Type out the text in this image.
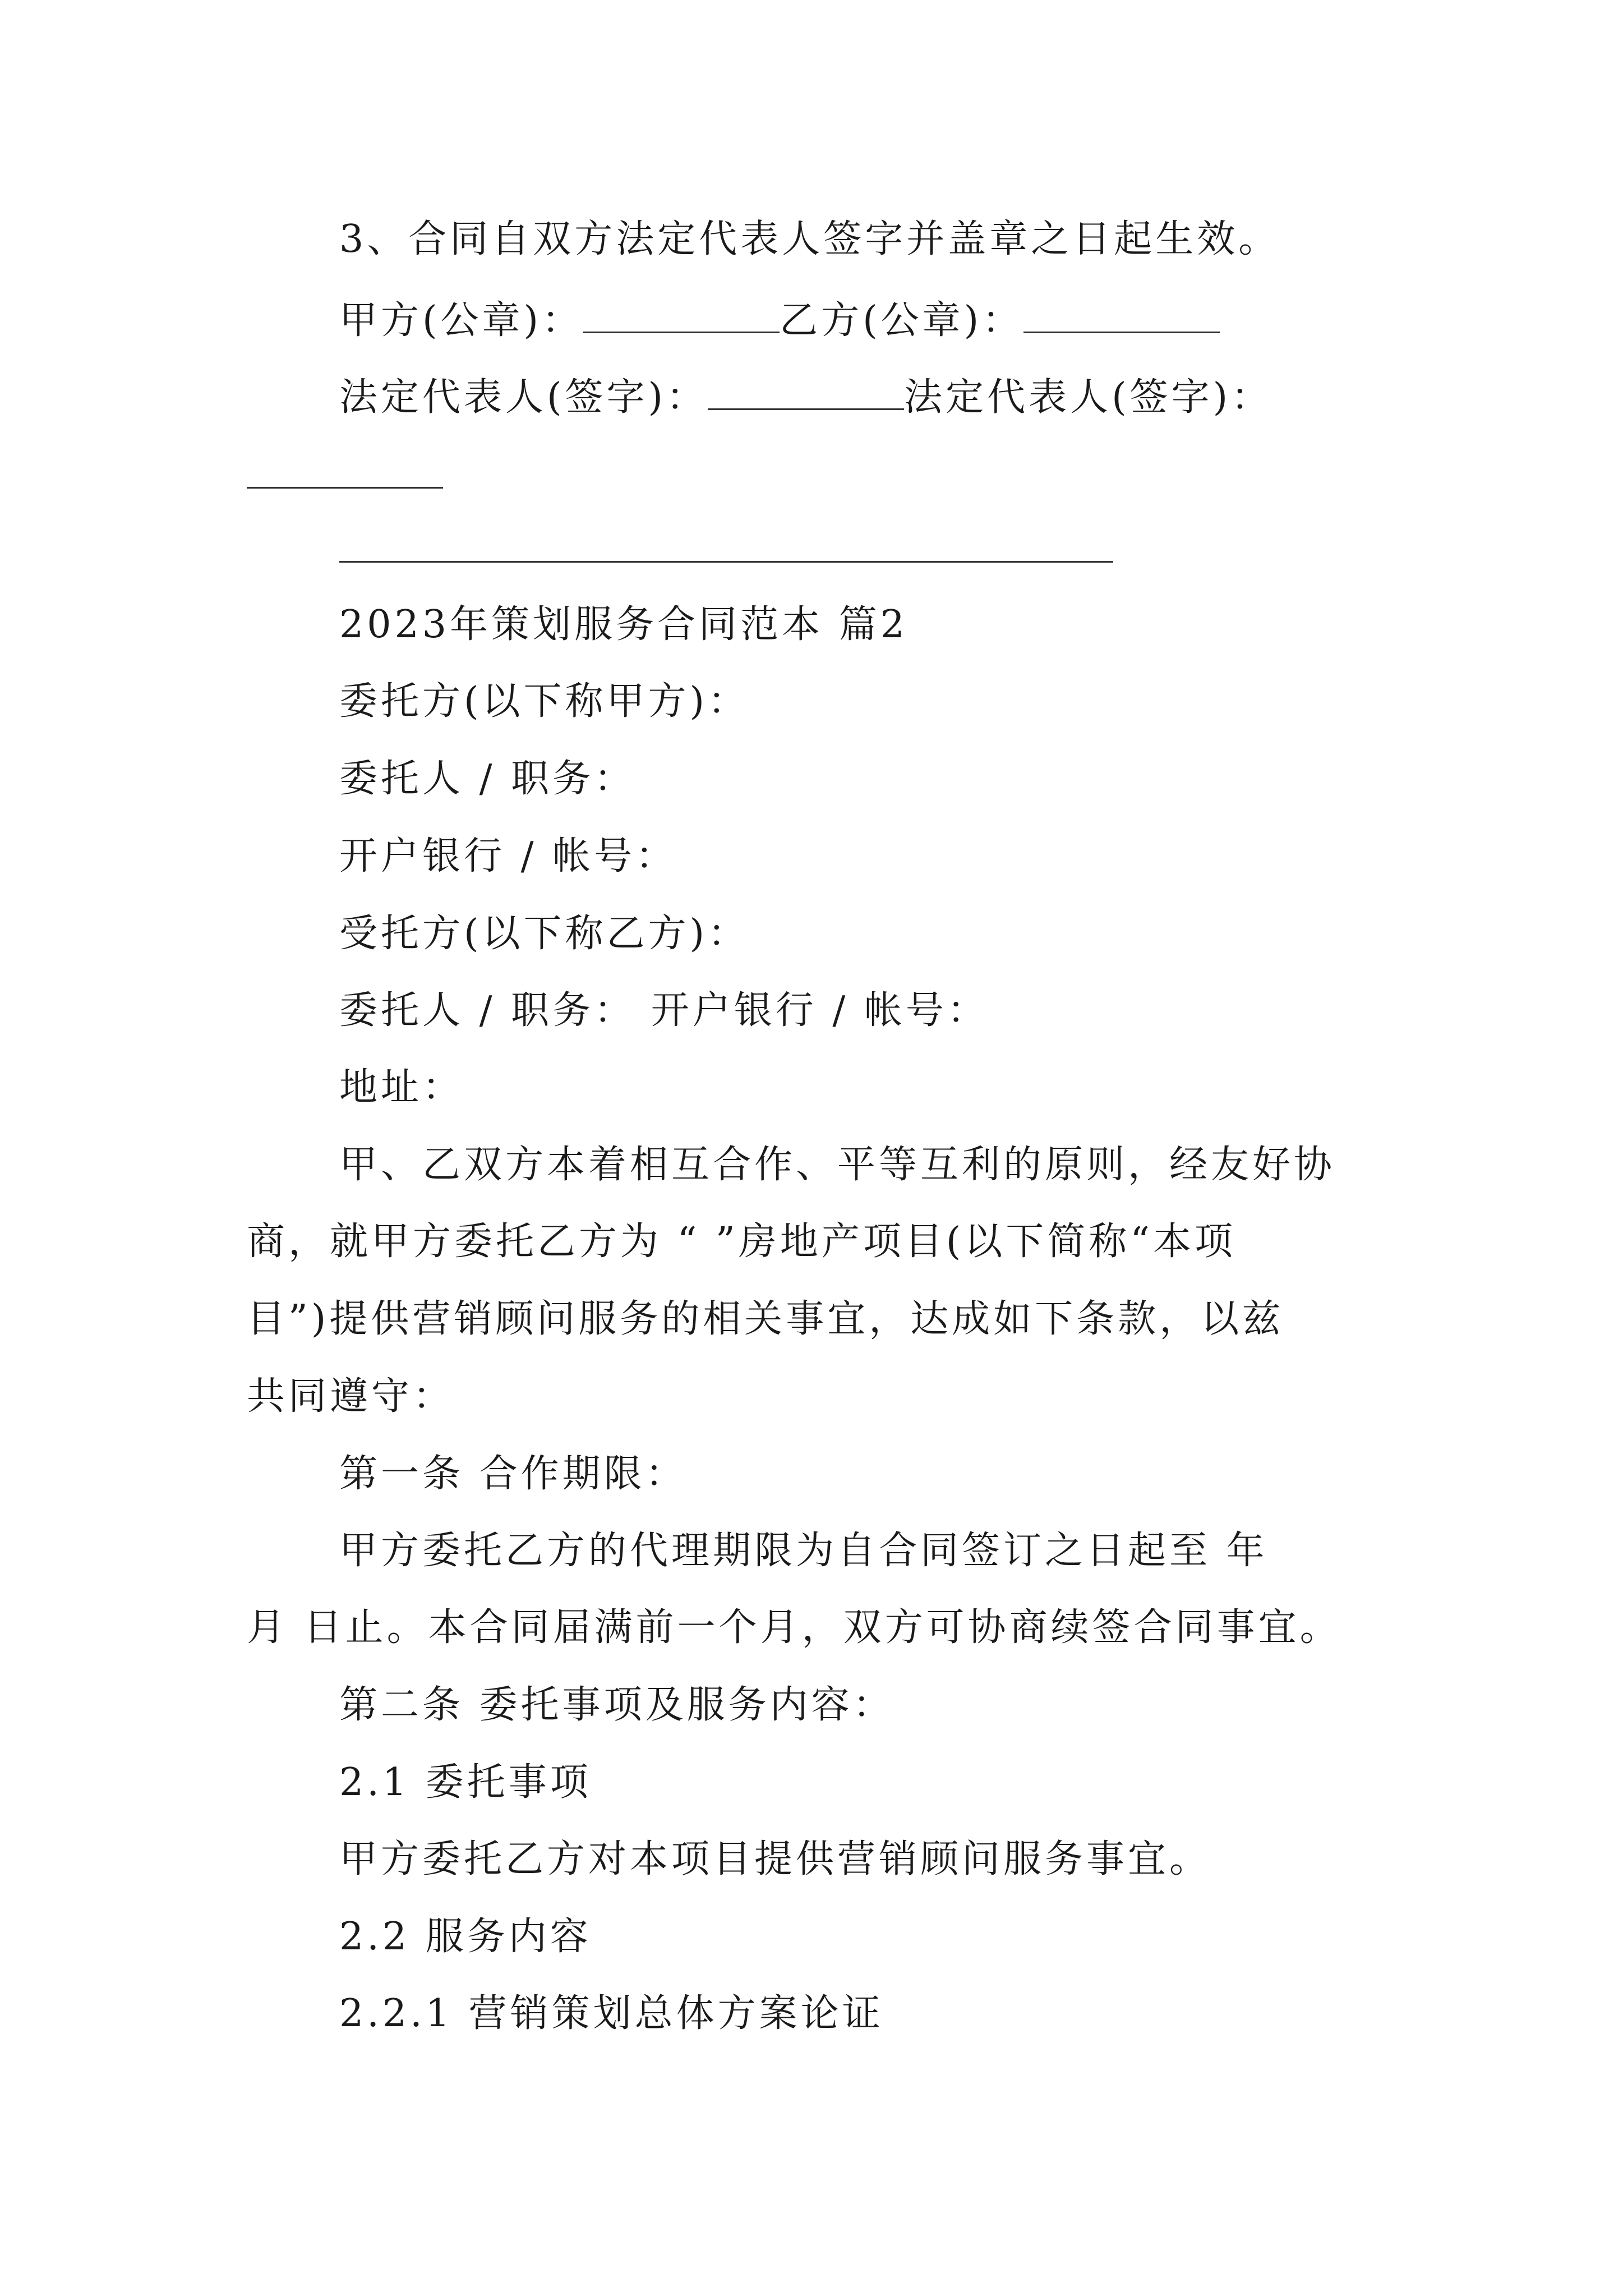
3、合同自双方法定代表人签字并盖章之日起生效。
甲方(公章)：	乙方(公章)：
法定代表人(签字)：	法定代表人(签字)：
2023年策划服务合同范本 篇2
委托方(以下称甲方)：
委托人 / 职务：
开户银行 / 帐号：
受托方(以下称乙方)：
委托人 / 职务： 开户银行 / 帐号：
地址：
甲、乙双方本着相互合作、平等互利的原则，经友好协
商，就甲方委托乙方为 “ ”房地产项目(以下简称“本项
目”)提供营销顾问服务的相关事宜，达成如下条款，以兹
共同遵守：
第一条 合作期限：
甲方委托乙方的代理期限为自合同签订之日起至 年
月 日止。本合同届满前一个月，双方可协商续签合同事宜。
第二条 委托事项及服务内容：
2.1 委托事项
甲方委托乙方对本项目提供营销顾问服务事宜。
2.2 服务内容
2.2.1 营销策划总体方案论证
